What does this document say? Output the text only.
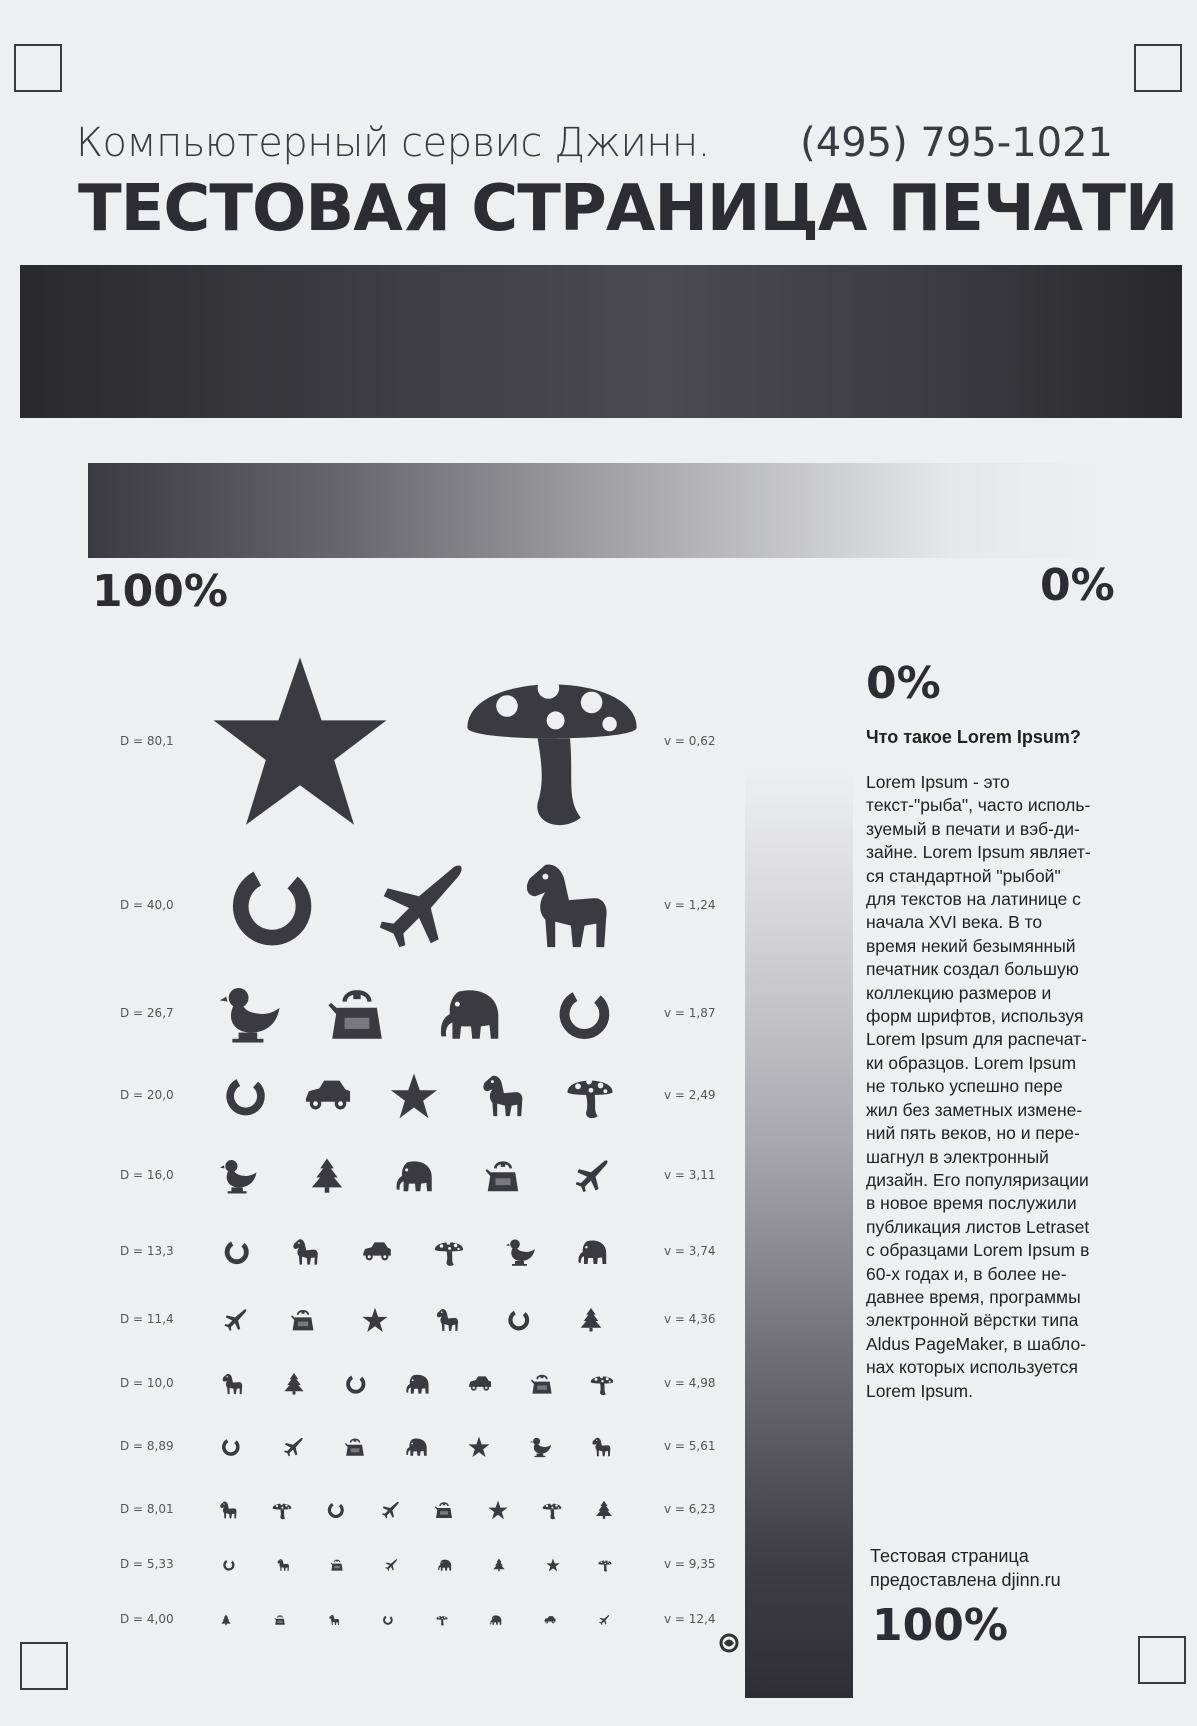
Компьютерный сервис Джинн. (495) 795-1021
ТЕСТОВАЯ СТРАНИЦА ПЕЧАТИ
100%	0%
0%
100%
D = 80,1	v = 0,62
D = 40,0	v = 1,24
D = 26,7	v = 1,87
D = 20,0	v = 2,49
D = 16,0	v = 3,11
D = 13,3	v = 3,74
D = 11,4	v = 4,36
D = 10,0	v = 4,98
D = 8,89	v = 5,61
D = 8,01	v = 6,23
D = 5,33	v = 9,35
D = 4,00	v = 12,4
Что такое Lorem Ipsum?
Lorem Ipsum - это
текст-"рыба", часто исполь-
зуемый в печати и вэб-ди-
зайне. Lorem Ipsum являет-
ся стандартной "рыбой"
для текстов на латинице с
начала XVI века. В то
время некий безымянный
печатник создал большую
коллекцию размеров и
форм шрифтов, используя
Lorem Ipsum для распечат-
ки образцов. Lorem Ipsum
не только успешно пере
жил без заметных измене-
ний пять веков, но и пере-
шагнул в электронный
дизайн. Его популяризации
в новое время послужили
публикация листов Letraset
с образцами Lorem Ipsum в
60-х годах и, в более не-
давнее время, программы
электронной вёрстки типа
Aldus PageMaker, в шабло-
нах которых используется
Lorem Ipsum.
Тестовая страница
предоставлена djinn.ru
